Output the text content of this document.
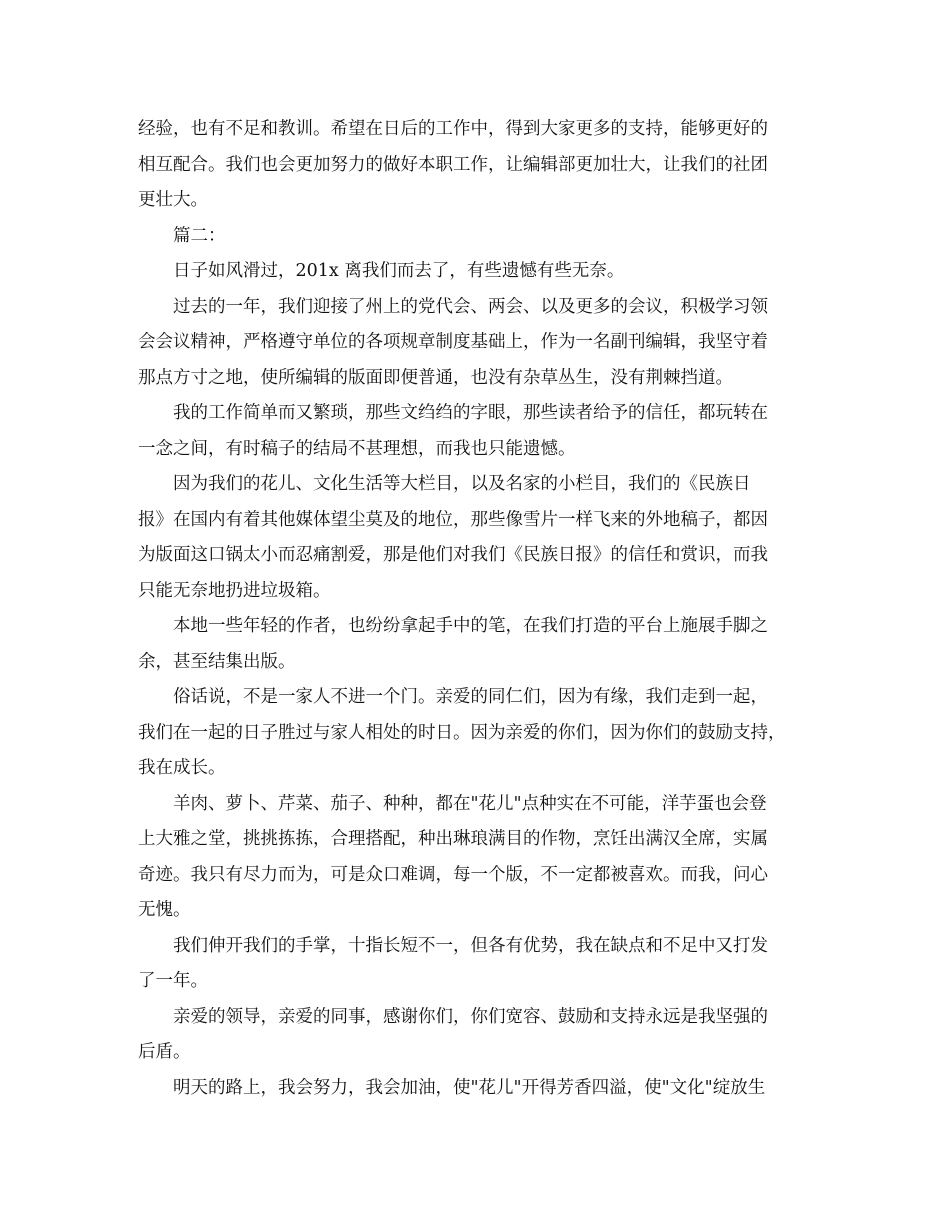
经验，也有不足和教训。希望在日后的工作中，得到大家更多的支持，能够更好的
相互配合。我们也会更加努力的做好本职工作，让编辑部更加壮大，让我们的社团
更壮大。
篇二：
日子如风滑过，201x 离我们而去了，有些遗憾有些无奈。
过去的一年，我们迎接了州上的党代会、两会、以及更多的会议，积极学习领
会会议精神，严格遵守单位的各项规章制度基础上，作为一名副刊编辑，我坚守着
那点方寸之地，使所编辑的版面即便普通，也没有杂草丛生，没有荆棘挡道。
我的工作简单而又繁琐，那些文绉绉的字眼，那些读者给予的信任，都玩转在
一念之间，有时稿子的结局不甚理想，而我也只能遗憾。
因为我们的花儿、文化生活等大栏目，以及名家的小栏目，我们的《民族日
报》在国内有着其他媒体望尘莫及的地位，那些像雪片一样飞来的外地稿子，都因
为版面这口锅太小而忍痛割爱，那是他们对我们《民族日报》的信任和赏识，而我
只能无奈地扔进垃圾箱。
本地一些年轻的作者，也纷纷拿起手中的笔，在我们打造的平台上施展手脚之
余，甚至结集出版。
俗话说，不是一家人不进一个门。亲爱的同仁们，因为有缘，我们走到一起，
我们在一起的日子胜过与家人相处的时日。因为亲爱的你们，因为你们的鼓励支持，
我在成长。
羊肉、萝卜、芹菜、茄子、种种，都在"花儿"点种实在不可能，洋芋蛋也会登
上大雅之堂，挑挑拣拣，合理搭配，种出琳琅满目的作物，烹饪出满汉全席，实属
奇迹。我只有尽力而为，可是众口难调，每一个版，不一定都被喜欢。而我，问心
无愧。
我们伸开我们的手掌，十指长短不一，但各有优势，我在缺点和不足中又打发
了一年。
亲爱的领导，亲爱的同事，感谢你们，你们宽容、鼓励和支持永远是我坚强的
后盾。
明天的路上，我会努力，我会加油，使"花儿"开得芳香四溢，使"文化"绽放生
